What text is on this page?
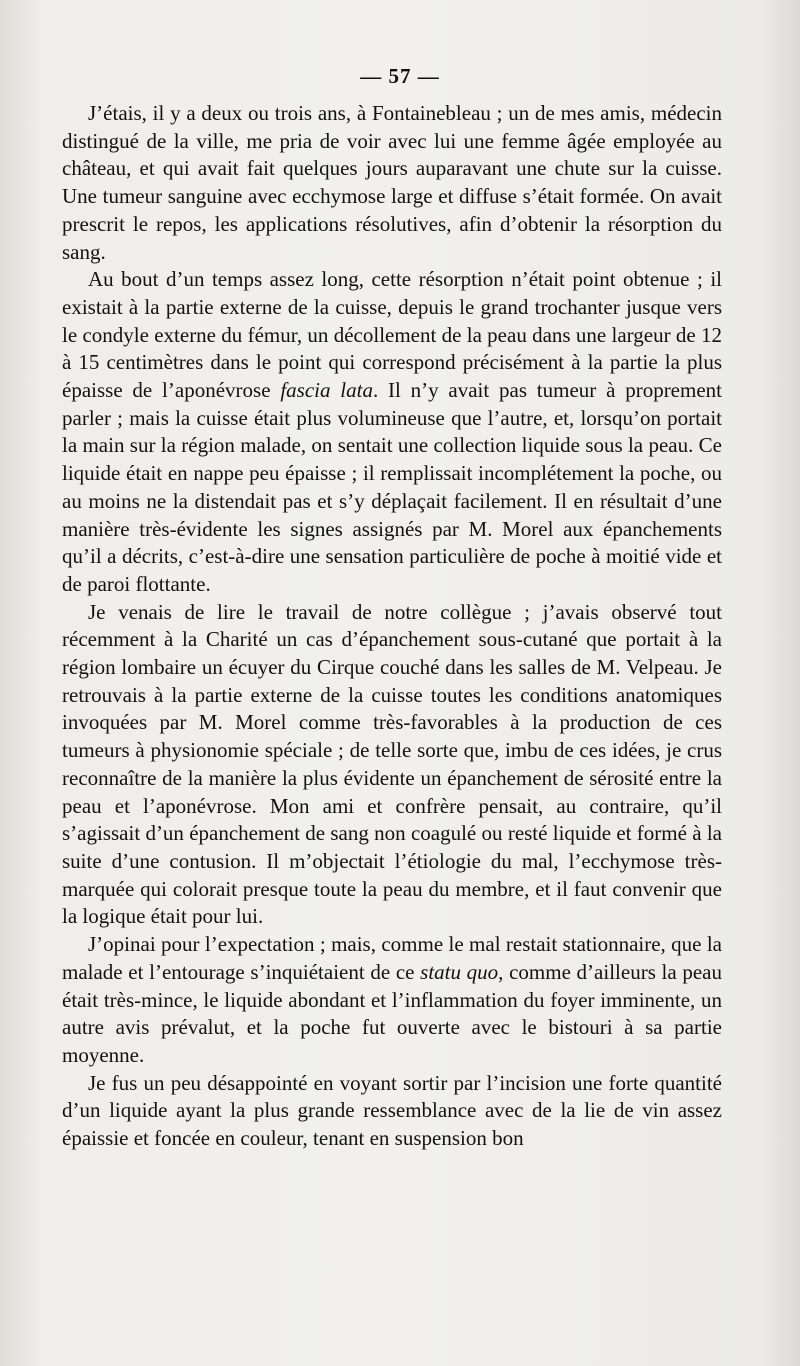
— 57 —

J’étais, il y a deux ou trois ans, à Fontainebleau ; un de mes amis, médecin distingué de la ville, me pria de voir avec lui une femme âgée employée au château, et qui avait fait quelques jours auparavant une chute sur la cuisse. Une tumeur sanguine avec ecchymose large et diffuse s’était formée. On avait prescrit le repos, les applications résolutives, afin d’obtenir la résorption du sang.

Au bout d’un temps assez long, cette résorption n’était point obtenue ; il existait à la partie externe de la cuisse, depuis le grand trochanter jusque vers le condyle externe du fémur, un décollement de la peau dans une largeur de 12 à 15 centimètres dans le point qui correspond précisément à la partie la plus épaisse de l’aponévrose fascia lata. Il n’y avait pas tumeur à proprement parler ; mais la cuisse était plus volumineuse que l’autre, et, lorsqu’on portait la main sur la région malade, on sentait une collection liquide sous la peau. Ce liquide était en nappe peu épaisse ; il remplissait incomplétement la poche, ou au moins ne la distendait pas et s’y déplaçait facilement. Il en résultait d’une manière très-évidente les signes assignés par M. Morel aux épanchements qu’il a décrits, c’est-à-dire une sensation particulière de poche à moitié vide et de paroi flottante.

Je venais de lire le travail de notre collègue ; j’avais observé tout récemment à la Charité un cas d’épanchement sous-cutané que portait à la région lombaire un écuyer du Cirque couché dans les salles de M. Velpeau. Je retrouvais à la partie externe de la cuisse toutes les conditions anatomiques invoquées par M. Morel comme très-favorables à la production de ces tumeurs à physionomie spéciale ; de telle sorte que, imbu de ces idées, je crus reconnaître de la manière la plus évidente un épanchement de sérosité entre la peau et l’aponévrose. Mon ami et confrère pensait, au contraire, qu’il s’agissait d’un épanchement de sang non coagulé ou resté liquide et formé à la suite d’une contusion. Il m’objectait l’étiologie du mal, l’ecchymose très-marquée qui colorait presque toute la peau du membre, et il faut convenir que la logique était pour lui.

J’opinai pour l’expectation ; mais, comme le mal restait stationnaire, que la malade et l’entourage s’inquiétaient de ce statu quo, comme d’ailleurs la peau était très-mince, le liquide abondant et l’inflammation du foyer imminente, un autre avis prévalut, et la poche fut ouverte avec le bistouri à sa partie moyenne.

Je fus un peu désappointé en voyant sortir par l’incision une forte quantité d’un liquide ayant la plus grande ressemblance avec de la lie de vin assez épaissie et foncée en couleur, tenant en suspension bon
